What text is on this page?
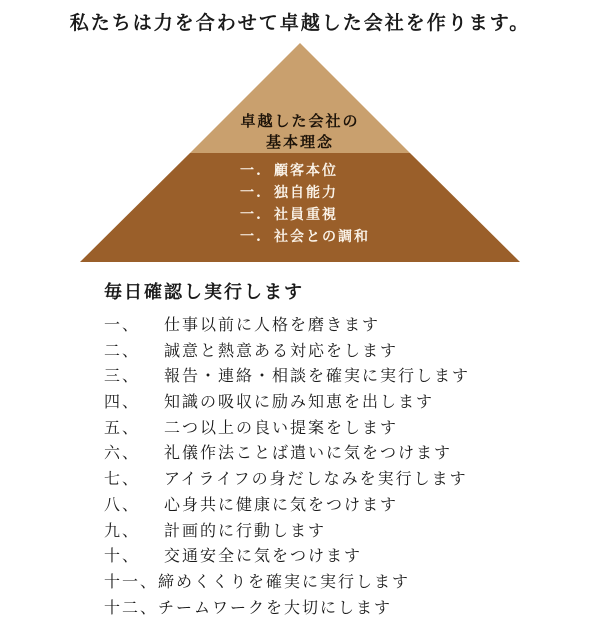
私たちは力を合わせて卓越した会社を作ります。
卓越した会社の
基本理念
一. 顧客本位
一. 独自能力
一. 社員重視
一. 社会との調和
毎日確認し実行します
一、 仕事以前に人格を磨きます
二、 誠意と熱意ある対応をします
三、 報告・連絡・相談を確実に実行します
四、 知識の吸収に励み知恵を出します
五、 二つ以上の良い提案をします
六、 礼儀作法ことば遣いに気をつけます
七、 アイライフの身だしなみを実行します
八、 心身共に健康に気をつけます
九、 計画的に行動します
十、 交通安全に気をつけます
十一、締めくくりを確実に実行します
十二、チームワークを大切にします
